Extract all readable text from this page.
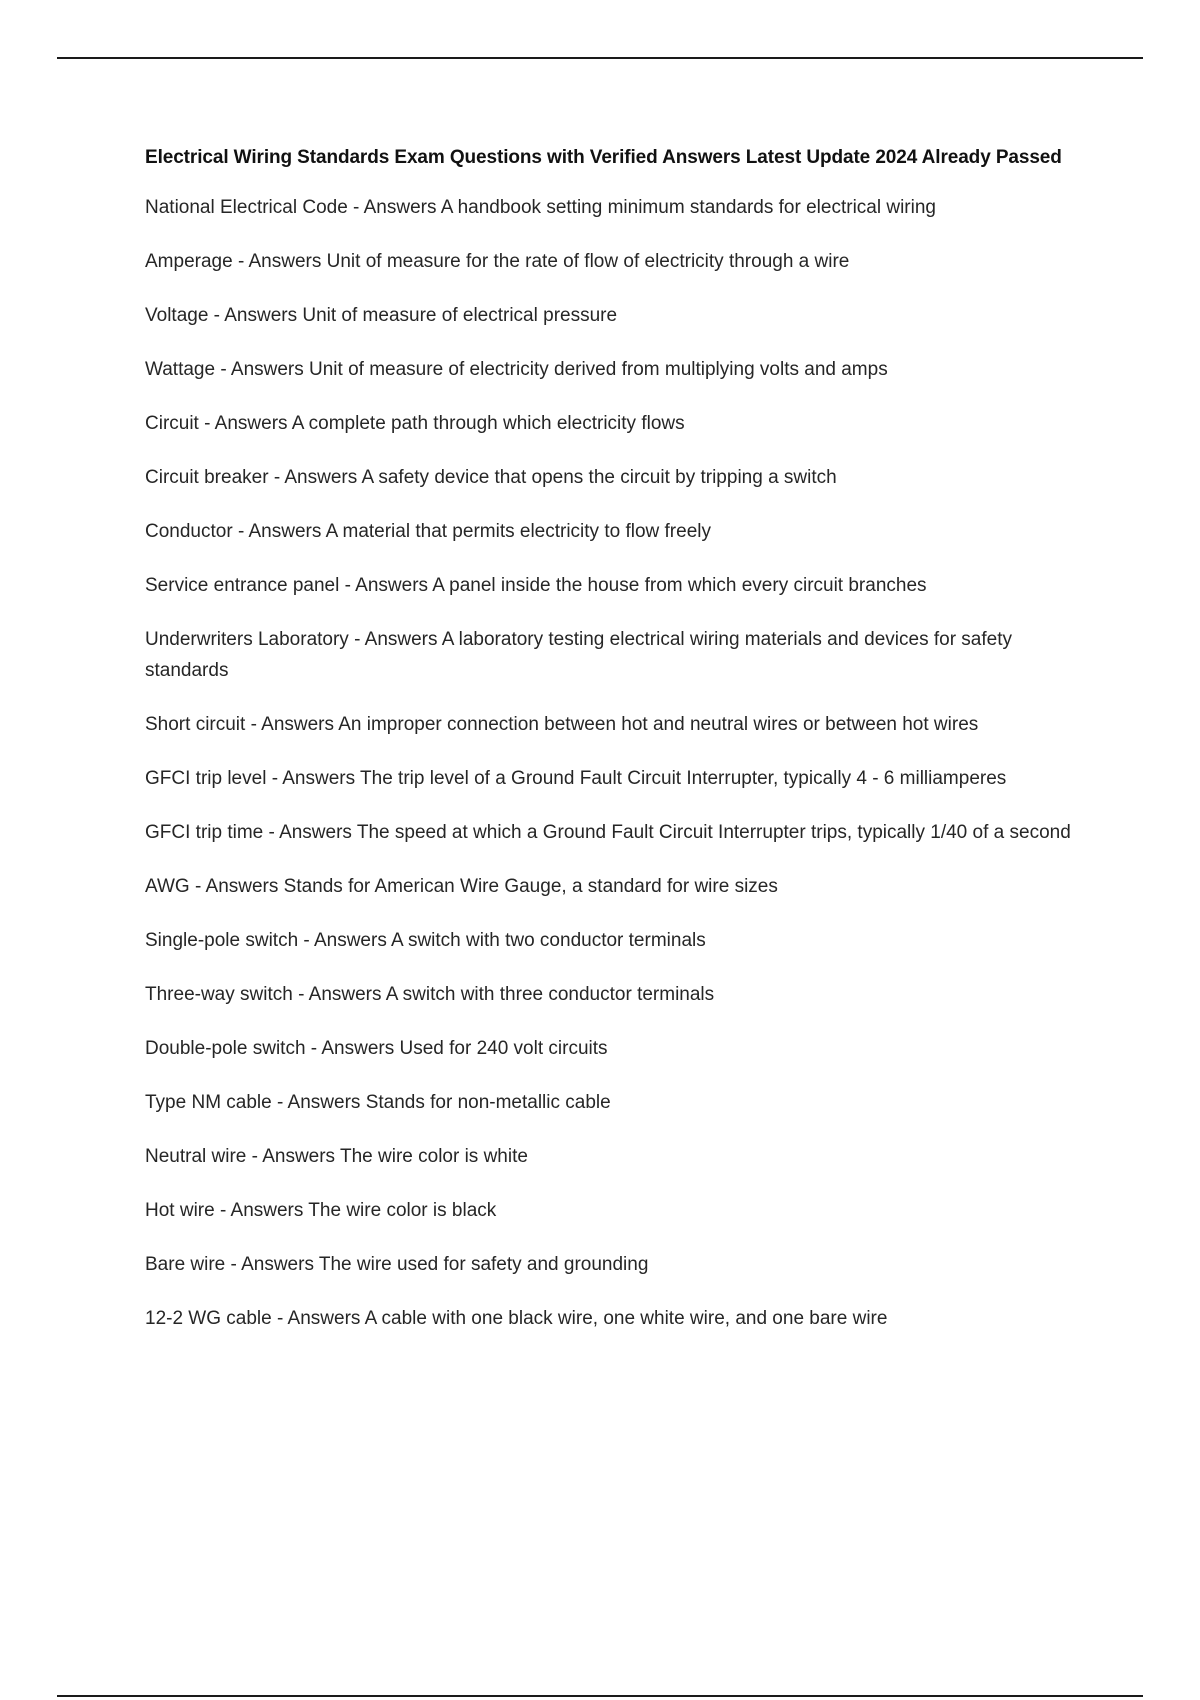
Electrical Wiring Standards Exam Questions with Verified Answers Latest Update 2024 Already Passed
National Electrical Code - Answers A handbook setting minimum standards for electrical wiring
Amperage - Answers Unit of measure for the rate of flow of electricity through a wire
Voltage - Answers Unit of measure of electrical pressure
Wattage - Answers Unit of measure of electricity derived from multiplying volts and amps
Circuit - Answers A complete path through which electricity flows
Circuit breaker - Answers A safety device that opens the circuit by tripping a switch
Conductor - Answers A material that permits electricity to flow freely
Service entrance panel - Answers A panel inside the house from which every circuit branches
Underwriters Laboratory - Answers A laboratory testing electrical wiring materials and devices for safety standards
Short circuit - Answers An improper connection between hot and neutral wires or between hot wires
GFCI trip level - Answers The trip level of a Ground Fault Circuit Interrupter, typically 4 - 6 milliamperes
GFCI trip time - Answers The speed at which a Ground Fault Circuit Interrupter trips, typically 1/40 of a second
AWG - Answers Stands for American Wire Gauge, a standard for wire sizes
Single-pole switch - Answers A switch with two conductor terminals
Three-way switch - Answers A switch with three conductor terminals
Double-pole switch - Answers Used for 240 volt circuits
Type NM cable - Answers Stands for non-metallic cable
Neutral wire - Answers The wire color is white
Hot wire - Answers The wire color is black
Bare wire - Answers The wire used for safety and grounding
12-2 WG cable - Answers A cable with one black wire, one white wire, and one bare wire
